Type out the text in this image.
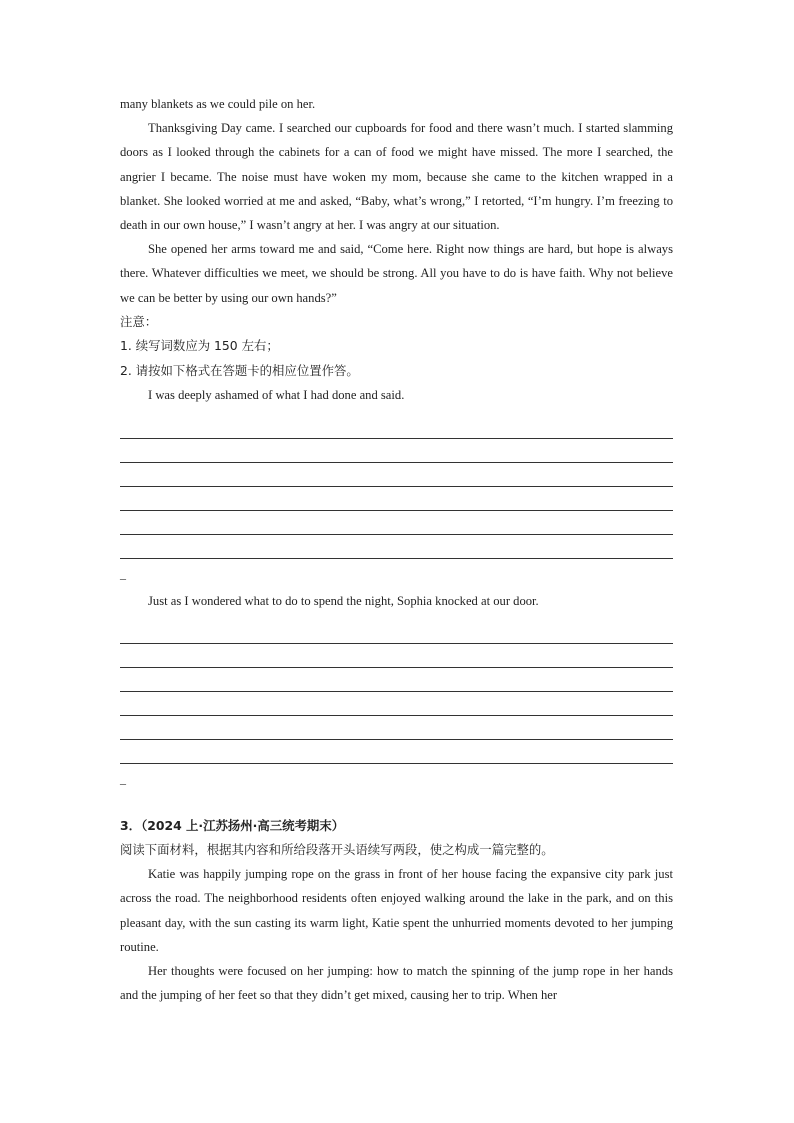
many blankets as we could pile on her.

Thanksgiving Day came. I searched our cupboards for food and there wasn’t much. I started slamming doors as I looked through the cabinets for a can of food we might have missed. The more I searched, the angrier I became. The noise must have woken my mom, because she came to the kitchen wrapped in a blanket. She looked worried at me and asked, “Baby, what’s wrong,” I retorted, “I’m hungry. I’m freezing to death in our own house,” I wasn’t angry at her. I was angry at our situation.

She opened her arms toward me and said, “Come here. Right now things are hard, but hope is always there. Whatever difficulties we meet, we should be strong. All you have to do is have faith. Why not believe we can be better by using our own hands?”

注意：

1. 续写词数应为 150 左右；

2. 请按如下格式在答题卡的相应位置作答。

I was deeply ashamed of what I had done and said.

_

Just as I wondered what to do to spend the night, Sophia knocked at our door.

_

3．（2024 上·江苏扬州·高三统考期末）

阅读下面材料，根据其内容和所给段落开头语续写两段，使之构成一篇完整的。

Katie was happily jumping rope on the grass in front of her house facing the expansive city park just across the road. The neighborhood residents often enjoyed walking around the lake in the park, and on this pleasant day, with the sun casting its warm light, Katie spent the unhurried moments devoted to her jumping routine.

Her thoughts were focused on her jumping: how to match the spinning of the jump rope in her hands and the jumping of her feet so that they didn’t get mixed, causing her to trip. When her
